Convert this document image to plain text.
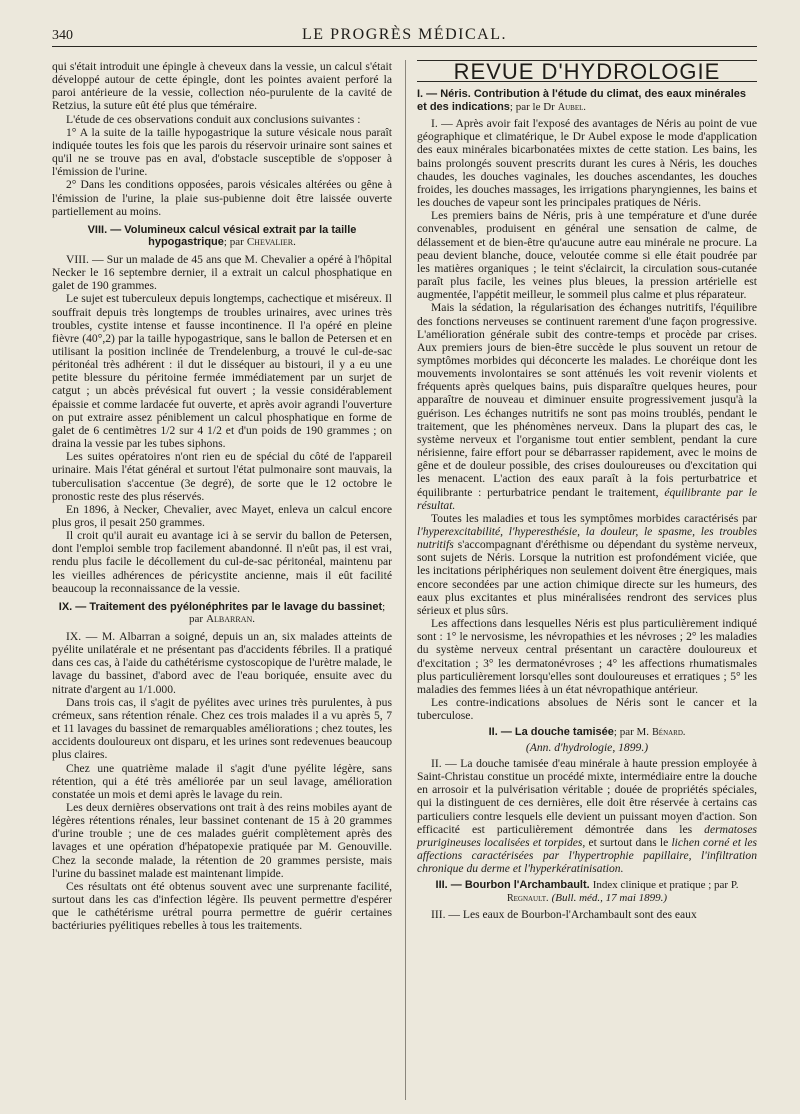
340	LE PROGRÈS MÉDICAL.

qui s'était introduit une épingle à cheveux dans la vessie, un calcul s'était développé autour de cette épingle, dont les pointes avaient perforé la paroi antérieure de la vessie, collection néo-purulente de la cavité de Retzius, la suture eût été plus que téméraire.

L'étude de ces observations conduit aux conclusions suivantes :

1° A la suite de la taille hypogastrique la suture vésicale nous paraît indiquée toutes les fois que les parois du réservoir urinaire sont saines et qu'il ne se trouve pas en aval, d'obstacle susceptible de s'opposer à l'émission de l'urine.

2° Dans les conditions opposées, parois vésicales altérées ou gêne à l'émission de l'urine, la plaie sus-pubienne doit être laissée ouverte partiellement au moins.

VIII. — Volumineux calcul vésical extrait par la taille hypogastrique; par Chevalier.

VIII. — Sur un malade de 45 ans que M. Chevalier a opéré à l'hôpital Necker le 16 septembre dernier, il a extrait un calcul phosphatique en galet de 190 grammes.

Le sujet est tuberculeux depuis longtemps, cachectique et miséreux. Il souffrait depuis très longtemps de troubles urinaires, avec urines très troubles, cystite intense et fausse incontinence. Il l'a opéré en pleine fièvre (40°,2) par la taille hypogastrique, sans le ballon de Petersen et en utilisant la position inclinée de Trendelenburg, a trouvé le cul-de-sac péritonéal très adhérent : il dut le disséquer au bistouri, il y a eu une petite blessure du péritoine fermée immédiatement par un surjet de catgut ; un abcès prévésical fut ouvert ; la vessie considérablement épaissie et comme lardacée fut ouverte, et après avoir agrandi l'ouverture on put extraire assez péniblement un calcul phosphatique en forme de galet de 6 centimètres 1/2 sur 4 1/2 et d'un poids de 190 grammes ; on draina la vessie par les tubes siphons.

Les suites opératoires n'ont rien eu de spécial du côté de l'appareil urinaire. Mais l'état général et surtout l'état pulmonaire sont mauvais, la tuberculisation s'accentue (3e degré), de sorte que le 12 octobre le pronostic reste des plus réservés.

En 1896, à Necker, Chevalier, avec Mayet, enleva un calcul encore plus gros, il pesait 250 grammes.

Il croit qu'il aurait eu avantage ici à se servir du ballon de Petersen, dont l'emploi semble trop facilement abandonné. Il n'eût pas, il est vrai, rendu plus facile le décollement du cul-de-sac péritonéal, maintenu par les vieilles adhérences de péricystite ancienne, mais il eût facilité beaucoup la reconnaissance de la vessie.

IX. — Traitement des pyélonéphrites par le lavage du bassinet; par Albarran.

IX. — M. Albarran a soigné, depuis un an, six malades atteints de pyélite unilatérale et ne présentant pas d'accidents fébriles. Il a pratiqué dans ces cas, à l'aide du cathétérisme cystoscopique de l'urètre malade, le lavage du bassinet, d'abord avec de l'eau boriquée, ensuite avec du nitrate d'argent au 1/1.000.

Dans trois cas, il s'agit de pyélites avec urines très purulentes, à pus crémeux, sans rétention rénale. Chez ces trois malades il a vu après 5, 7 et 11 lavages du bassinet de remarquables améliorations ; chez toutes, les accidents douloureux ont disparu, et les urines sont redevenues beaucoup plus claires.

Chez une quatrième malade il s'agit d'une pyélite légère, sans rétention, qui a été très améliorée par un seul lavage, amélioration constatée un mois et demi après le lavage du rein.

Les deux dernières observations ont trait à des reins mobiles ayant de légères rétentions rénales, leur bassinet contenant de 15 à 20 grammes d'urine trouble ; une de ces malades guérit complètement après des lavages et une opération d'hépatopexie pratiquée par M. Genouville. Chez la seconde malade, la rétention de 20 grammes persiste, mais l'urine du bassinet malade est maintenant limpide.

Ces résultats ont été obtenus souvent avec une surprenante facilité, surtout dans les cas d'infection légère. Ils peuvent permettre d'espérer que le cathétérisme urétral pourra permettre de guérir certaines bactériuries pyélitiques rebelles à tous les traitements.

REVUE D'HYDROLOGIE
I. — Néris. Contribution à l'étude du climat, des eaux minérales et des indications; par le Dr Aubel.

I. — Après avoir fait l'exposé des avantages de Néris au point de vue géographique et climatérique, le Dr Aubel expose le mode d'application des eaux minérales bicarbonatées mixtes de cette station. Les bains, les bains prolongés souvent prescrits durant les cures à Néris, les douches chaudes, les douches vaginales, les douches ascendantes, les douches froides, les douches massages, les irrigations pharyngiennes, les bains et les douches de vapeur sont les principales pratiques de Néris.

Les premiers bains de Néris, pris à une température et d'une durée convenables, produisent en général une sensation de calme, de délassement et de bien-être qu'aucune autre eau minérale ne procure. La peau devient blanche, douce, veloutée comme si elle était poudrée par les matières organiques ; le teint s'éclaircit, la circulation sous-cutanée paraît plus facile, les veines plus bleues, la pression artérielle est augmentée, l'appétit meilleur, le sommeil plus calme et plus réparateur.

Mais la sédation, la régularisation des échanges nutritifs, l'équilibre des fonctions nerveuses se continuent rarement d'une façon progressive. L'amélioration générale subit des contre-temps et procède par crises. Aux premiers jours de bien-être succède le plus souvent un retour de symptômes morbides qui déconcerte les malades. Le choréique dont les mouvements involontaires se sont atténués les voit revenir violents et fréquents après quelques bains, puis disparaître quelques heures, pour apparaître de nouveau et diminuer ensuite progressivement jusqu'à la guérison. Les échanges nutritifs ne sont pas moins troublés, pendant le traitement, que les phénomènes nerveux. Dans la plupart des cas, le système nerveux et l'organisme tout entier semblent, pendant la cure nérisienne, faire effort pour se débarrasser rapidement, avec le moins de gêne et de douleur possible, des crises douloureuses ou d'excitation qui les menacent. L'action des eaux paraît à la fois perturbatrice et équilibrante : perturbatrice pendant le traitement, équilibrante par le résultat.

Toutes les maladies et tous les symptômes morbides caractérisés par l'hyperexcitabilité, l'hyperesthésie, la douleur, le spasme, les troubles nutritifs s'accompagnant d'éréthisme ou dépendant du système nerveux, sont sujets de Néris. Lorsque la nutrition est profondément viciée, que les incitations périphériques non seulement doivent être énergiques, mais encore secondées par une action chimique directe sur les humeurs, des eaux plus excitantes et plus minéralisées rendront des services plus sérieux et plus sûrs.

Les affections dans lesquelles Néris est plus particulièrement indiqué sont : 1° le nervosisme, les névropathies et les névroses ; 2° les maladies du système nerveux central présentant un caractère douloureux et d'excitation ; 3° les dermatonévroses ; 4° les affections rhumatismales plus particulièrement lorsqu'elles sont douloureuses et erratiques ; 5° les maladies des femmes liées à un état névropathique antérieur.

Les contre-indications absolues de Néris sont le cancer et la tuberculose.

II. — La douche tamisée; par M. Bénard.

(Ann. d'hydrologie, 1899.)

II. — La douche tamisée d'eau minérale à haute pression employée à Saint-Christau constitue un procédé mixte, intermédiaire entre la douche en arrosoir et la pulvérisation véritable ; douée de propriétés spéciales, qui la distinguent de ces dernières, elle doit être réservée à certains cas particuliers contre lesquels elle devient un puissant moyen d'action. Son efficacité est particulièrement démontrée dans les dermatoses prurigineuses localisées et torpides, et surtout dans le lichen corné et les affections caractérisées par l'hypertrophie papillaire, l'infiltration chronique du derme et l'hyperkératinisation.

III. — Bourbon l'Archambault. Index clinique et pratique ; par P. Regnault. (Bull. méd., 17 mai 1899.)

III. — Les eaux de Bourbon-l'Archambault sont des eaux
